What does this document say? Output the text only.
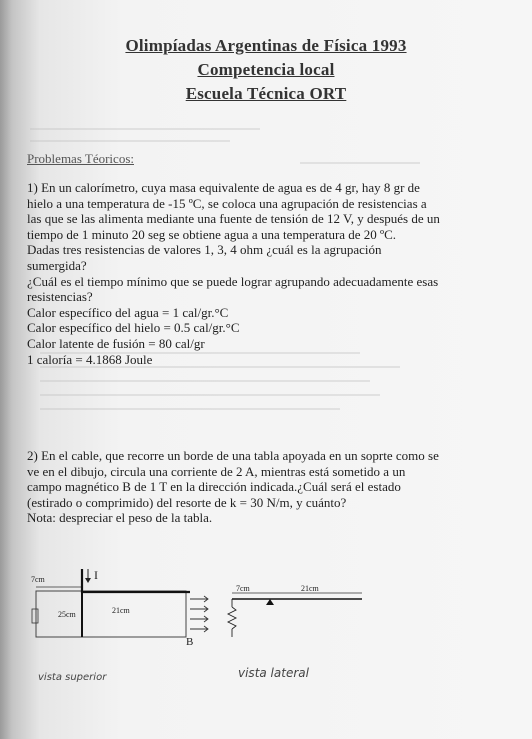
Olimpíadas Argentinas de Física 1993
Competencia local
Escuela Técnica ORT
Problemas Téoricos:
1) En un calorímetro, cuya masa equivalente de agua es de 4 gr, hay 8 gr de
hielo a una temperatura de -15 ºC, se coloca una agrupación de resistencias a
las que se las alimenta mediante una fuente de tensión de 12 V, y después de un
tiempo de 1 minuto 20 seg se obtiene agua a una temperatura de 20 ºC.
Dadas tres resistencias de valores 1, 3, 4 ohm ¿cuál es la agrupación
sumergida?
¿Cuál es el tiempo mínimo que se puede lograr agrupando adecuadamente esas
resistencias?
Calor específico del agua = 1 cal/gr.°C
Calor específico del hielo = 0.5 cal/gr.°C
Calor latente de fusión = 80 cal/gr
1 caloría = 4.1868 Joule
2) En el cable, que recorre un borde de una tabla apoyada en un soprte como se
ve en el dibujo, circula una corriente de 2 A, mientras está sometido a un
campo magnético B de 1 T en la dirección indicada.¿Cuál será el estado
(estirado o comprimido) del resorte de k = 30 N/m, y cuánto?
Nota: despreciar el peso de la tabla.
7cm	I
25cm	21cm
B
vista superior
7cm	21cm
vista lateral
